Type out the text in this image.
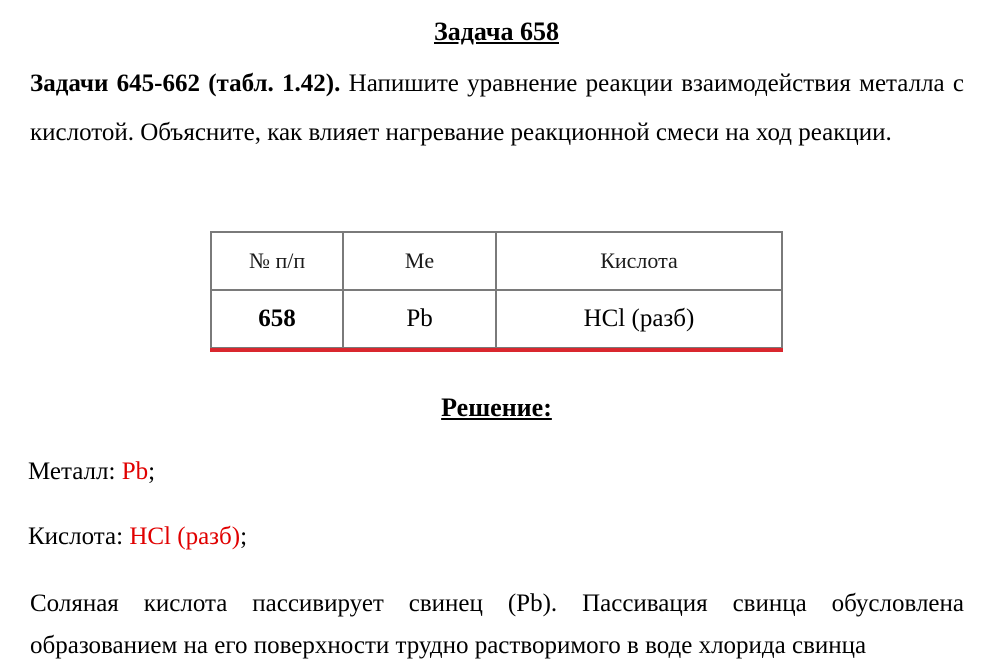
Задача 658
Задачи 645-662 (табл. 1.42). Напишите уравнение реакции взаимодействия металла с кислотой. Объясните, как влияет нагревание реакционной смеси на ход реакции.
№ п/п	Me	Кислота
658	Pb	HCl (разб)
Решение:
Металл: Pb;
Кислота: HCl (разб);
Соляная кислота пассивирует свинец (Pb). Пассивация свинца обусловлена образованием на его поверхности трудно растворимого в воде хлорида свинца
